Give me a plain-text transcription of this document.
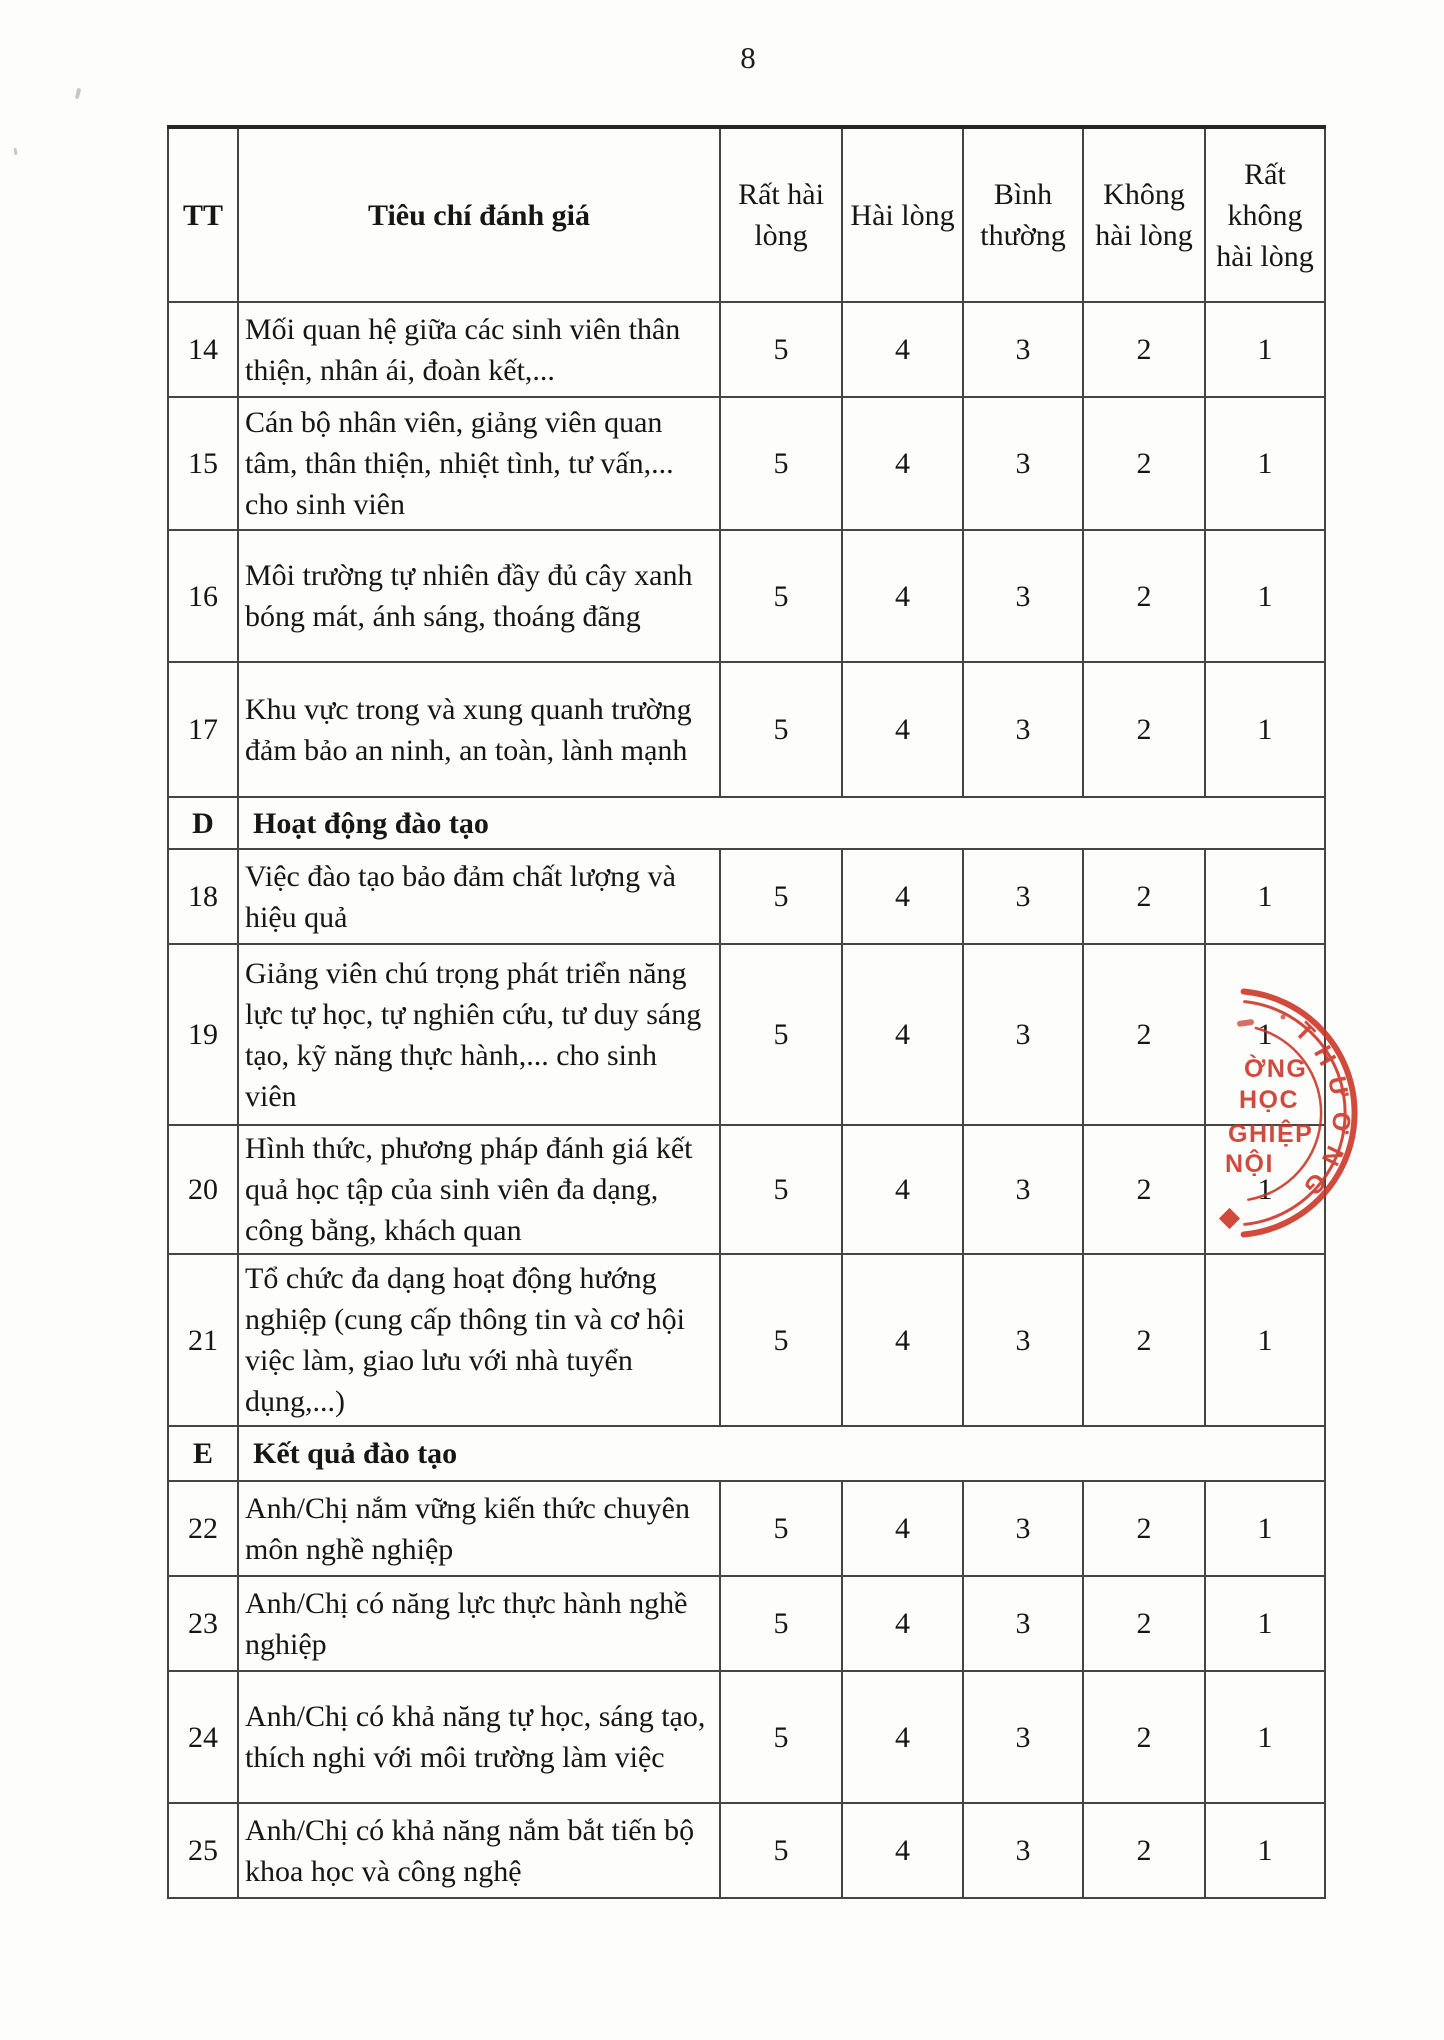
8
TT	Tiêu chí đánh giá	Rất hài lòng	Hài lòng	Bình thường	Không hài lòng	Rất không hài lòng
14	Mối quan hệ giữa các sinh viên thân thiện, nhân ái, đoàn kết,...	5	4	3	2	1
15	Cán bộ nhân viên, giảng viên quan tâm, thân thiện, nhiệt tình, tư vấn,... cho sinh viên	5	4	3	2	1
16	Môi trường tự nhiên đầy đủ cây xanh bóng mát, ánh sáng, thoáng đãng	5	4	3	2	1
17	Khu vực trong và xung quanh trường đảm bảo an ninh, an toàn, lành mạnh	5	4	3	2	1
D	Hoạt động đào tạo					
18	Việc đào tạo bảo đảm chất lượng và hiệu quả	5	4	3	2	1
19	Giảng viên chú trọng phát triển năng lực tự học, tự nghiên cứu, tư duy sáng tạo, kỹ năng thực hành,... cho sinh viên	5	4	3	2	1
20	Hình thức, phương pháp đánh giá kết quả học tập của sinh viên đa dạng, công bằng, khách quan	5	4	3	2	1
21	Tổ chức đa dạng hoạt động hướng nghiệp (cung cấp thông tin và cơ hội việc làm, giao lưu với nhà tuyển dụng,...)	5	4	3	2	1
E	Kết quả đào tạo					
22	Anh/Chị nắm vững kiến thức chuyên môn nghề nghiệp	5	4	3	2	1
23	Anh/Chị có năng lực thực hành nghề nghiệp	5	4	3	2	1
24	Anh/Chị có khả năng tự học, sáng tạo, thích nghi với môi trường làm việc	5	4	3	2	1
25	Anh/Chị có khả năng nắm bắt tiến bộ khoa học và công nghệ	5	4	3	2	1
THƯƠNG
ỜNG
HỌC
GHIỆP
NỘI
